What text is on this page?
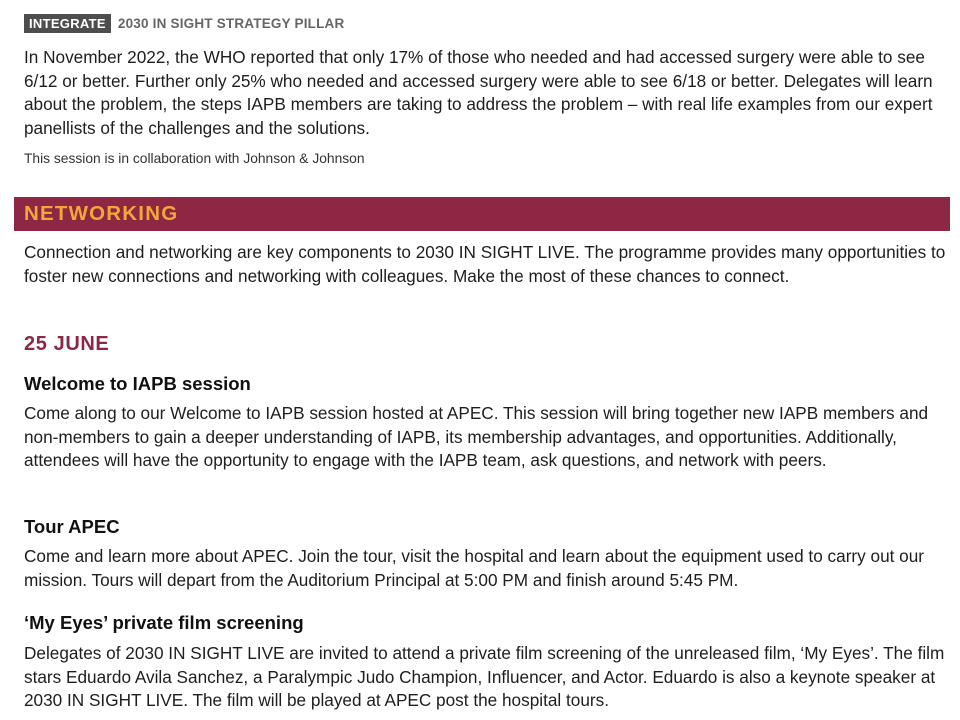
INTEGRATE 2030 IN SIGHT STRATEGY PILLAR

In November 2022, the WHO reported that only 17% of those who needed and had accessed surgery were able to see 6/12 or better. Further only 25% who needed and accessed surgery were able to see 6/18 or better. Delegates will learn about the problem, the steps IAPB members are taking to address the problem – with real life examples from our expert panellists of the challenges and the solutions.

This session is in collaboration with Johnson & Johnson
NETWORKING

Connection and networking are key components to 2030 IN SIGHT LIVE. The programme provides many opportunities to foster new connections and networking with colleagues. Make the most of these chances to connect.

25 JUNE
Welcome to IAPB session

Come along to our Welcome to IAPB session hosted at APEC. This session will bring together new IAPB members and non-members to gain a deeper understanding of IAPB, its membership advantages, and opportunities. Additionally, attendees will have the opportunity to engage with the IAPB team, ask questions, and network with peers.

Tour APEC

Come and learn more about APEC. Join the tour, visit the hospital and learn about the equipment used to carry out our mission. Tours will depart from the Auditorium Principal at 5:00 PM and finish around 5:45 PM.

‘My Eyes’ private film screening

Delegates of 2030 IN SIGHT LIVE are invited to attend a private film screening of the unreleased film, ‘My Eyes’. The film stars Eduardo Avila Sanchez, a Paralympic Judo Champion, Influencer, and Actor. Eduardo is also a keynote speaker at 2030 IN SIGHT LIVE. The film will be played at APEC post the hospital tours.
